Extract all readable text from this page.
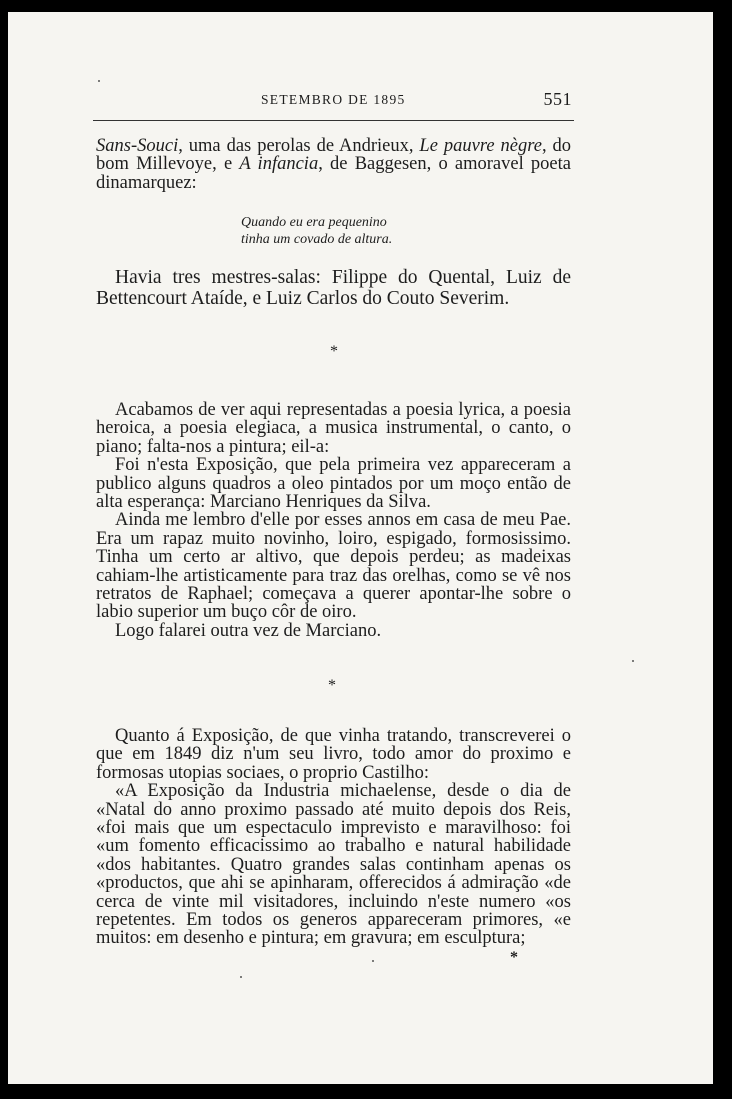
SETEMBRO DE 1895	551

Sans-Souci, uma das perolas de Andrieux, Le pauvre nègre, do bom Millevoye, e A infancia, de Baggesen, o amoravel poeta dinamarquez:

Quando eu era pequenino
tinha um covado de altura.

Havia tres mestres-salas: Filippe do Quental, Luiz de Bettencourt Ataíde, e Luiz Carlos do Couto Severim.

*

Acabamos de ver aqui representadas a poesia lyrica, a poesia heroica, a poesia elegiaca, a musica instrumental, o canto, o piano; falta-nos a pintura; eil-a:

Foi n'esta Exposição, que pela primeira vez appareceram a publico alguns quadros a oleo pintados por um moço então de alta esperança: Marciano Henriques da Silva.

Ainda me lembro d'elle por esses annos em casa de meu Pae. Era um rapaz muito novinho, loiro, espigado, formosissimo. Tinha um certo ar altivo, que depois perdeu; as madeixas cahiam-lhe artisticamente para traz das orelhas, como se vê nos retratos de Raphael; começava a querer apontar-lhe sobre o labio superior um buço côr de oiro.

Logo falarei outra vez de Marciano.

*

Quanto á Exposição, de que vinha tratando, transcreverei o que em 1849 diz n'um seu livro, todo amor do proximo e formosas utopias sociaes, o proprio Castilho:

«A Exposição da Industria michaelense, desde o dia de «Natal do anno proximo passado até muito depois dos Reis, «foi mais que um espectaculo imprevisto e maravilhoso: foi «um fomento efficacissimo ao trabalho e natural habilidade «dos habitantes. Quatro grandes salas continham apenas os «productos, que ahi se apinharam, offerecidos á admiração «de cerca de vinte mil visitadores, incluindo n'este numero «os repetentes. Em todos os generos appareceram primores, «e muitos: em desenho e pintura; em gravura; em esculptura;

*
